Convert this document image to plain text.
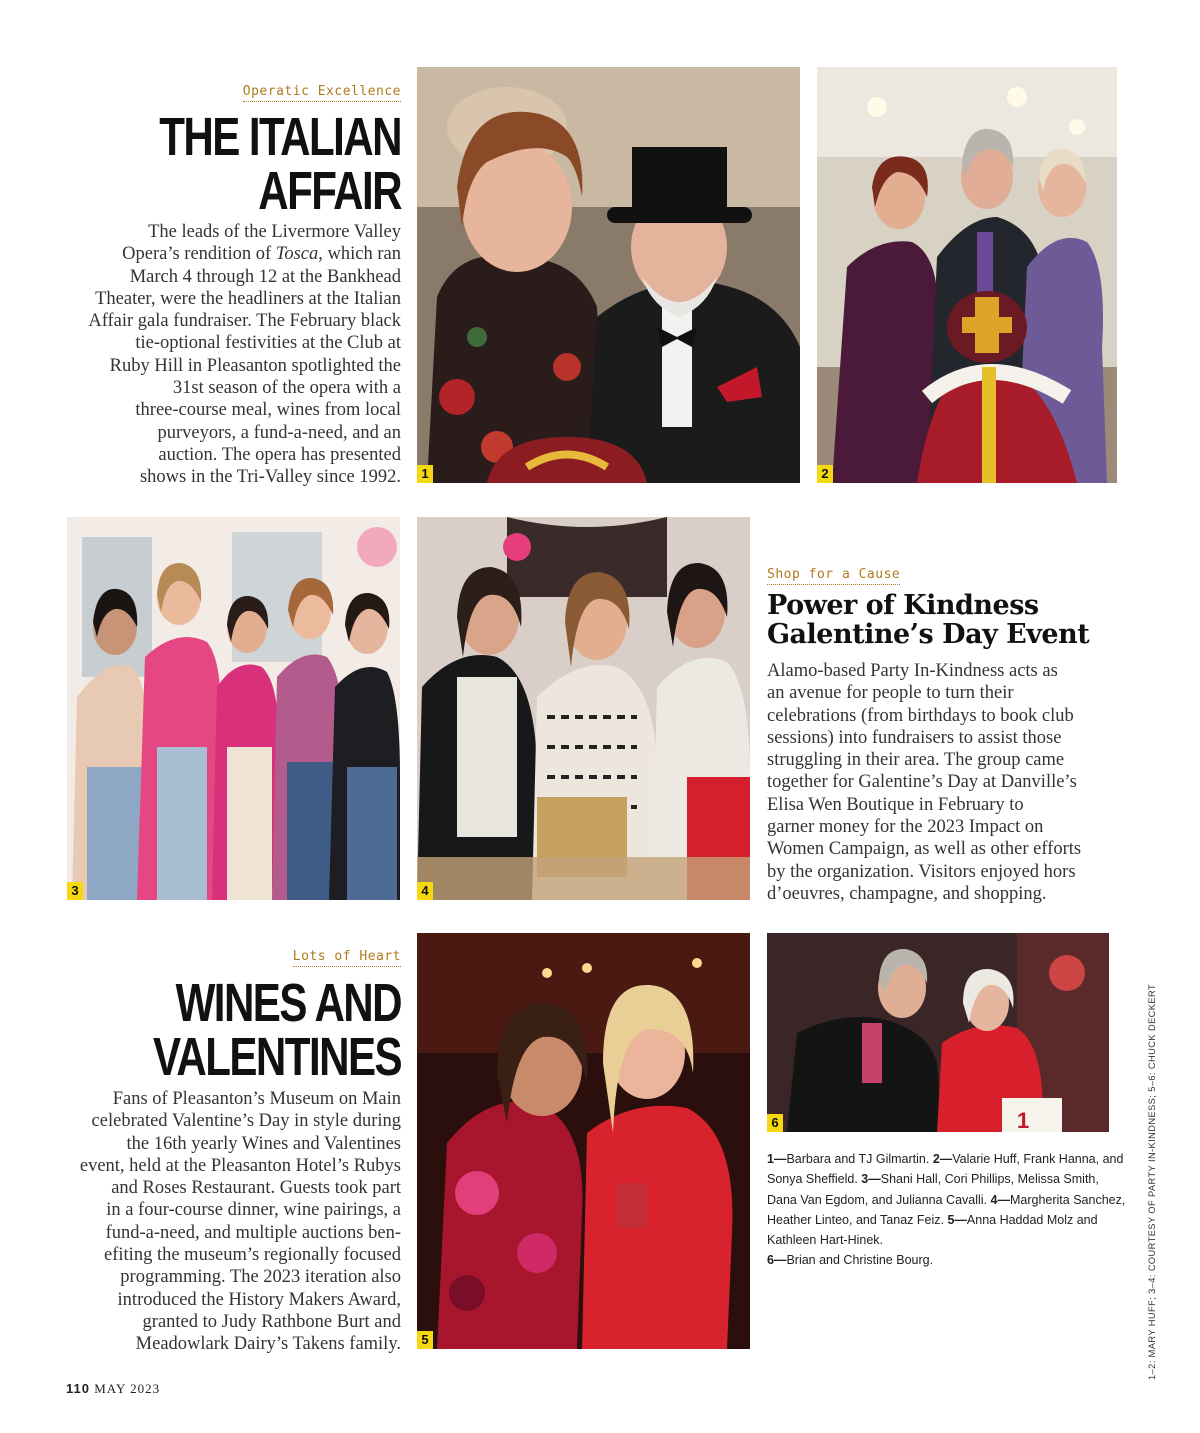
Operatic Excellence
THE ITALIAN
AFFAIR
The leads of the Livermore Valley
Opera’s rendition of Tosca, which ran
March 4 through 12 at the Bankhead
Theater, were the headliners at the Italian
Affair gala fundraiser. The February black
tie-optional festivities at the Club at
Ruby Hill in Pleasanton spotlighted the
31st season of the opera with a
three-course meal, wines from local
purveyors, a fund-a-need, and an
auction. The opera has presented
shows in the Tri-Valley since 1992.	1	2
3	4
Shop for a Cause
Power of Kindness
Galentine’s Day Event
Alamo-based Party In-Kindness acts as
an avenue for people to turn their
celebrations (from birthdays to book club
sessions) into fundraisers to assist those
struggling in their area. The group came
together for Galentine’s Day at Danville’s
Elisa Wen Boutique in February to
garner money for the 2023 Impact on
Women Campaign, as well as other efforts
by the organization. Visitors enjoyed hors
d’oeuvres, champagne, and shopping.
Lots of Heart
WINES AND
VALENTINES
Fans of Pleasanton’s Museum on Main
celebrated Valentine’s Day in style during
the 16th yearly Wines and Valentines
event, held at the Pleasanton Hotel’s Rubys
and Roses Restaurant. Guests took part
in a four-course dinner, wine pairings, a
fund-a-need, and multiple auctions ben-
efiting the museum’s regionally focused
programming. The 2023 iteration also
introduced the History Makers Award,
granted to Judy Rathbone Burt and
Meadowlark Dairy’s Takens family.	5
1
6
1—Barbara and TJ Gilmartin. 2—Valarie Huff, Frank Hanna, and Sonya Sheffield. 3—Shani Hall, Cori Phillips, Melissa Smith, Dana Van Egdom, and Julianna Cavalli. 4—Margherita Sanchez, Heather Linteo, and Tanaz Feiz. 5—Anna Haddad Molz and Kathleen Hart-Hinek.
6—Brian and Christine Bourg.	1–2: MARY HUFF; 3–4: COURTESY OF PARTY IN-KINDNESS; 5–6: CHUCK DECKERT
110 MAY 2023
